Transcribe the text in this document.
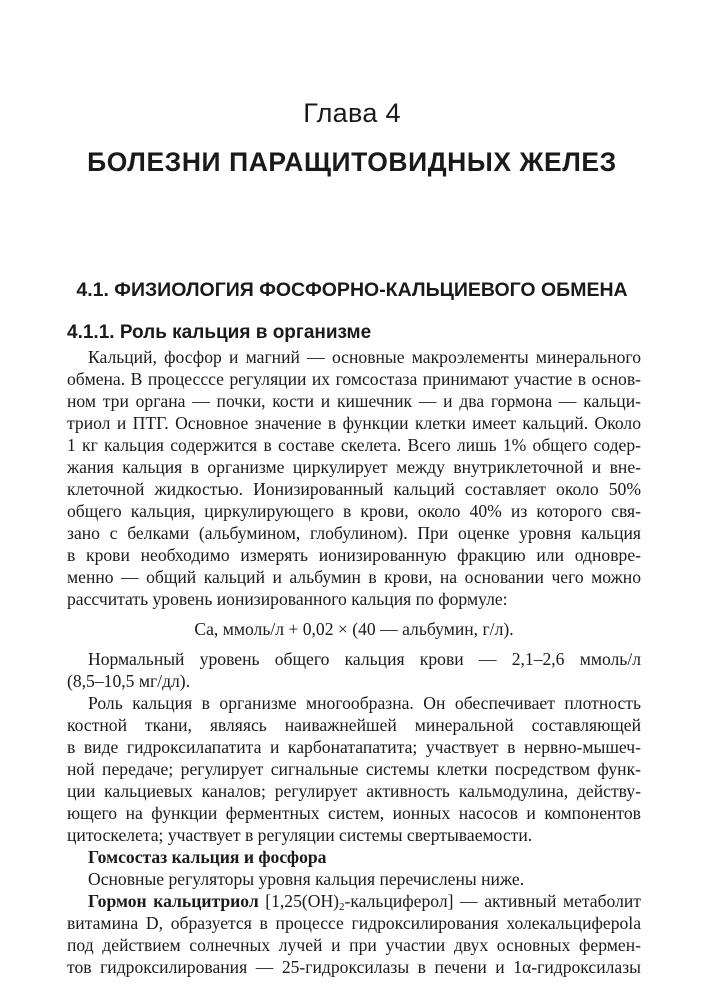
Глава 4
БОЛЕЗНИ ПАРАЩИТОВИДНЫХ ЖЕЛЕЗ
4.1. ФИЗИОЛОГИЯ ФОСФОРНО-КАЛЬЦИЕВОГО ОБМЕНА
4.1.1. Роль кальция в организме
Кальций, фосфор и магний — основные макроэлементы минерального
обмена. В процесссе регуляции их гомсостаза принимают участие в основ-
ном три органа — почки, кости и кишечник — и два гормона — кальци-
триол и ПТГ. Основное значение в функции клетки имеет кальций. Около
1 кг кальция содержится в составе скелета. Всего лишь 1% общего содер-
жания кальция в организме циркулирует между внутриклеточной и вне-
клеточной жидкостью. Ионизированный кальций составляет около 50%
общего кальция, циркулирующего в крови, около 40% из которого свя-
зано с белками (альбумином, глобулином). При оценке уровня кальция
в крови необходимо измерять ионизированную фракцию или одновре-
менно — общий кальций и альбумин в крови, на основании чего можно
рассчитать уровень ионизированного кальция по формуле:
Са, ммоль/л + 0,02 × (40 — альбумин, г/л).
Нормальный уровень общего кальция крови — 2,1–2,6 ммоль/л
(8,5–10,5 мг/дл).
Роль кальция в организме многообразна. Он обеспечивает плотность
костной ткани, являясь наиважнейшей минеральной составляющей
в виде гидроксилапатита и карбонатапатита; участвует в нервно-мышеч-
ной передаче; регулирует сигнальные системы клетки посредством функ-
ции кальциевых каналов; регулирует активность кальмодулина, действу-
ющего на функции ферментных систем, ионных насосов и компонентов
цитоскелета; участвует в регуляции системы свертываемости.
Гомсостаз кальция и фосфора
Основные регуляторы уровня кальция перечислены ниже.
Гормон кальцитриол $[1,25(ОН)_2-кальциферол]$ — активный метаболит
витамина D, образуется в процессе гидроксилирования холекальцифероla
под действием солнечных лучей и при участии двух основных фермен-
тов гидроксилирования — 25-гидроксилазы в печени и 1α-гидроксилазы
